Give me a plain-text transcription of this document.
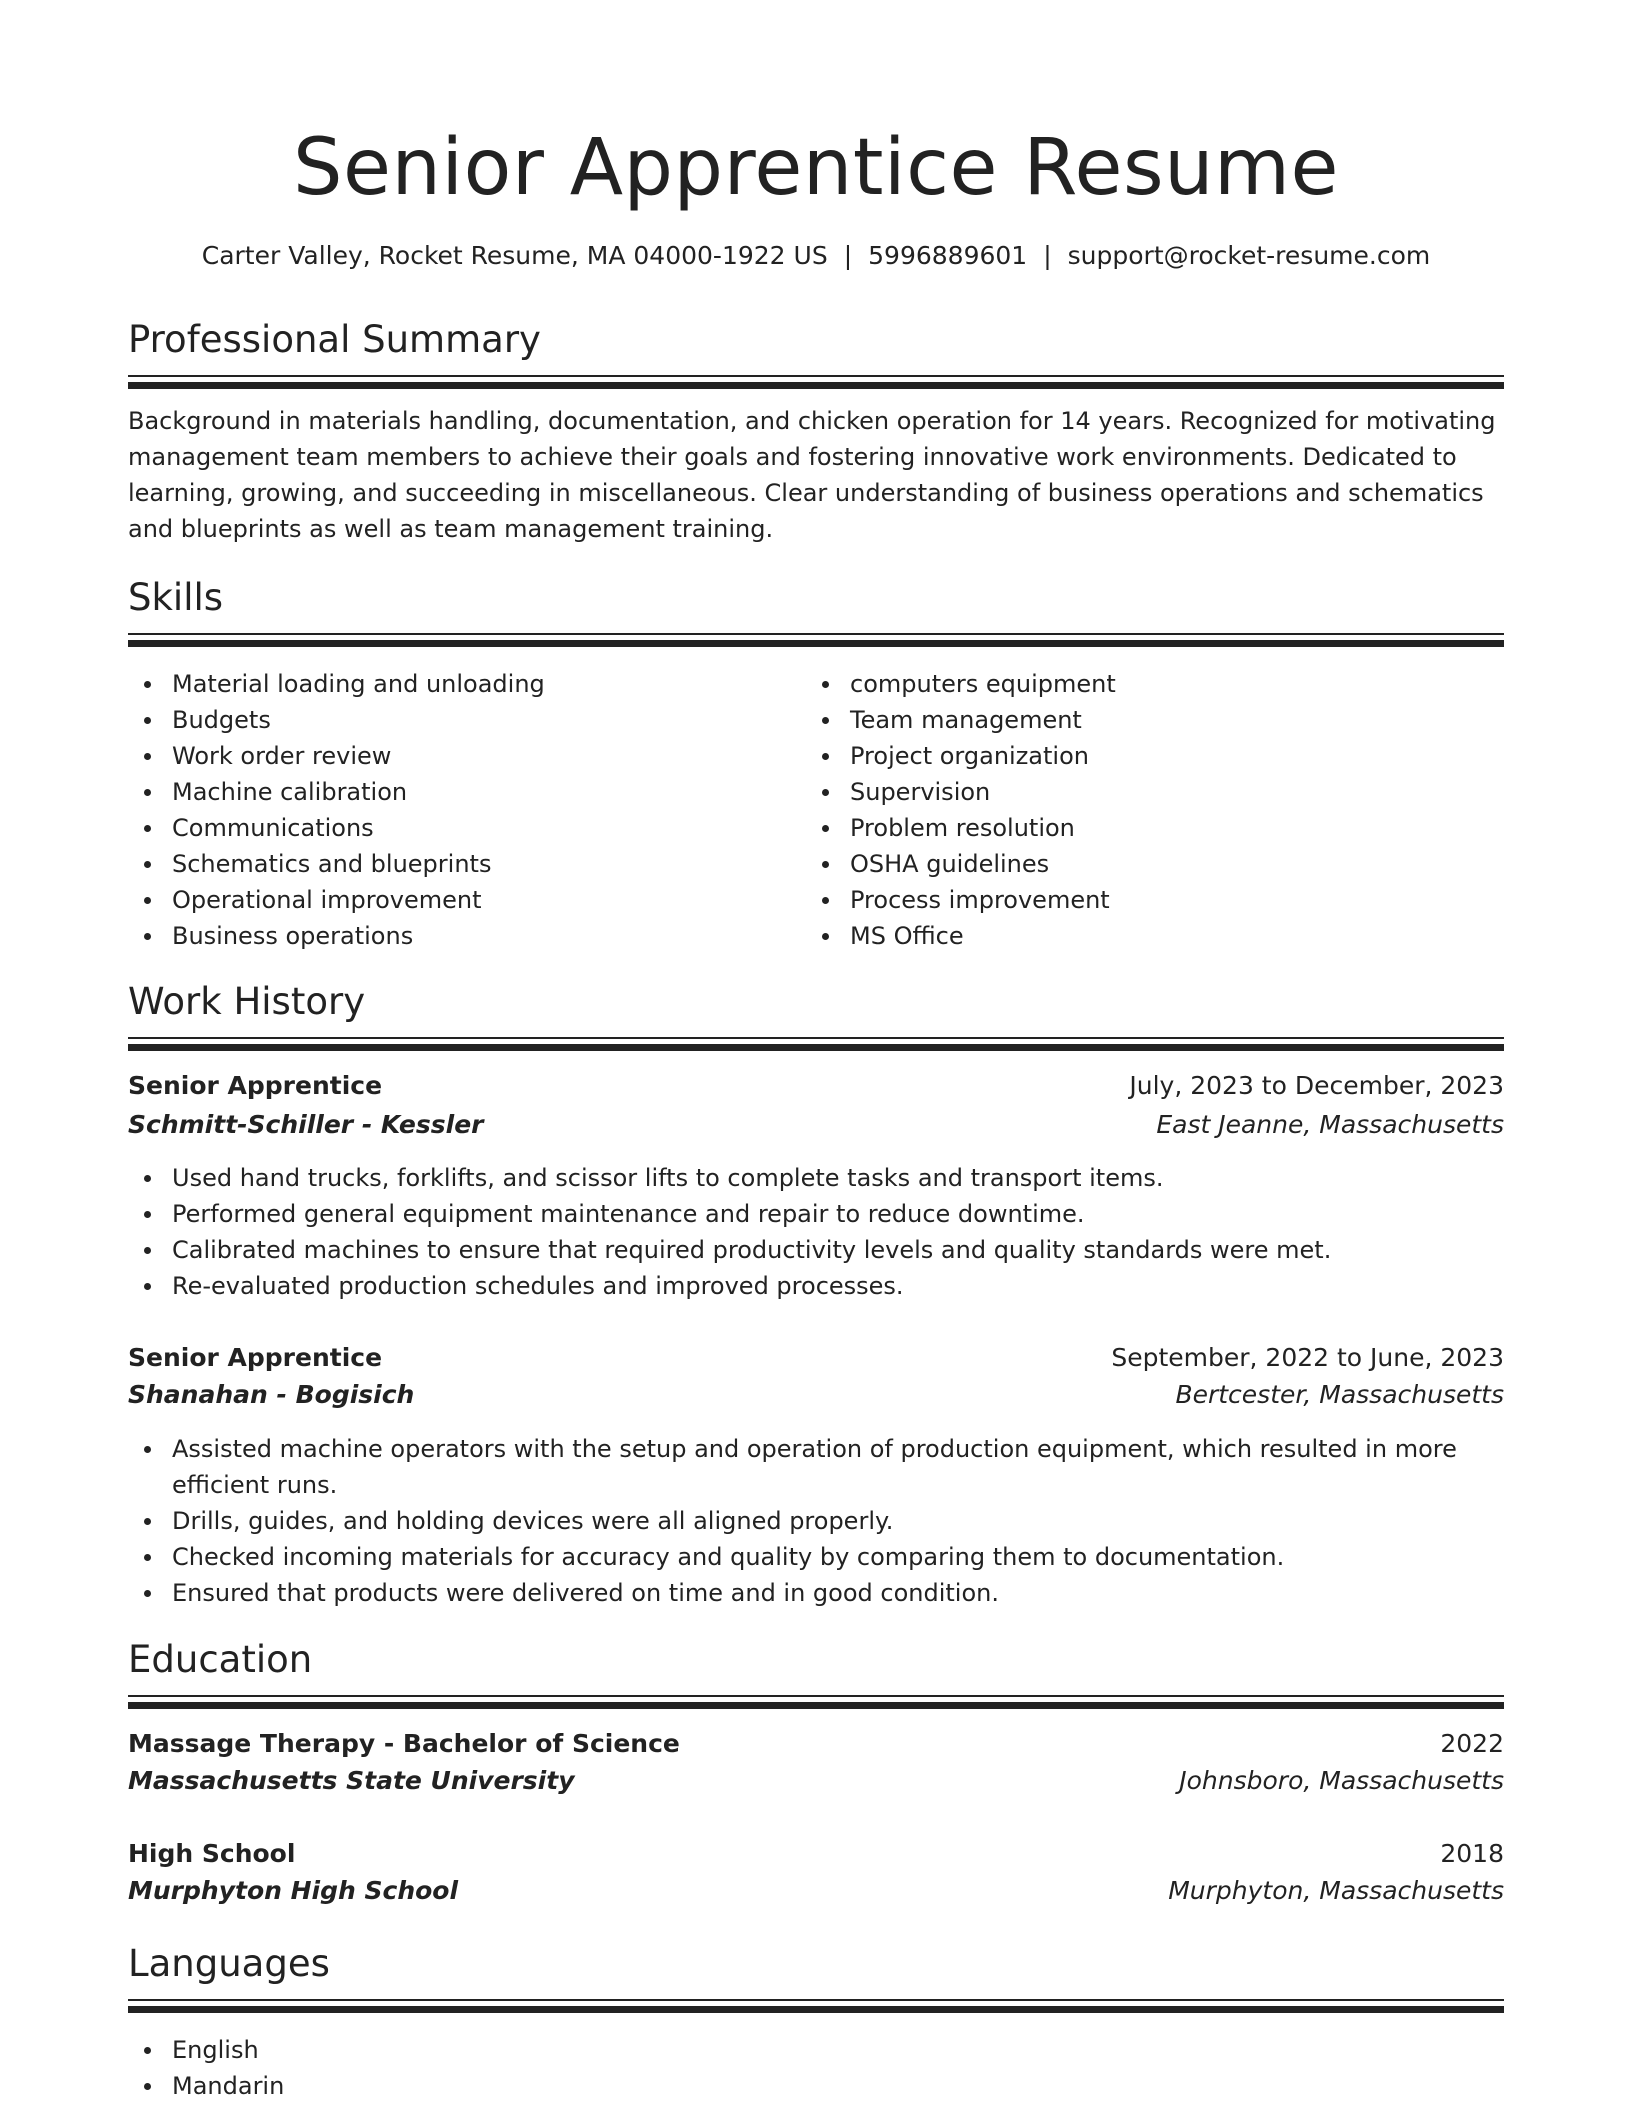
Senior Apprentice Resume
Carter Valley, Rocket Resume, MA 04000-1922 US | 5996889601 | support@rocket-resume.com
Professional Summary

Background in materials handling, documentation, and chicken operation for 14 years. Recognized for motivating management team members to achieve their goals and fostering innovative work environments. Dedicated to learning, growing, and succeeding in miscellaneous. Clear understanding of business operations and schematics and blueprints as well as team management training.

Skills
Material loading and unloading
Budgets
Work order review
Machine calibration
Communications
Schematics and blueprints
Operational improvement
Business operations
computers equipment
Team management
Project organization
Supervision
Problem resolution
OSHA guidelines
Process improvement
MS Office
Work History
Senior Apprentice	July, 2023 to December, 2023
Schmitt-Schiller - Kessler	East Jeanne, Massachusetts
Used hand trucks, forklifts, and scissor lifts to complete tasks and transport items.
Performed general equipment maintenance and repair to reduce downtime.
Calibrated machines to ensure that required productivity levels and quality standards were met.
Re-evaluated production schedules and improved processes.
Senior Apprentice	September, 2022 to June, 2023
Shanahan - Bogisich	Bertcester, Massachusetts
Assisted machine operators with the setup and operation of production equipment, which resulted in more efficient runs.
Drills, guides, and holding devices were all aligned properly.
Checked incoming materials for accuracy and quality by comparing them to documentation.
Ensured that products were delivered on time and in good condition.
Education
Massage Therapy - Bachelor of Science	2022
Massachusetts State University	Johnsboro, Massachusetts
High School	2018
Murphyton High School	Murphyton, Massachusetts
Languages
English
Mandarin
